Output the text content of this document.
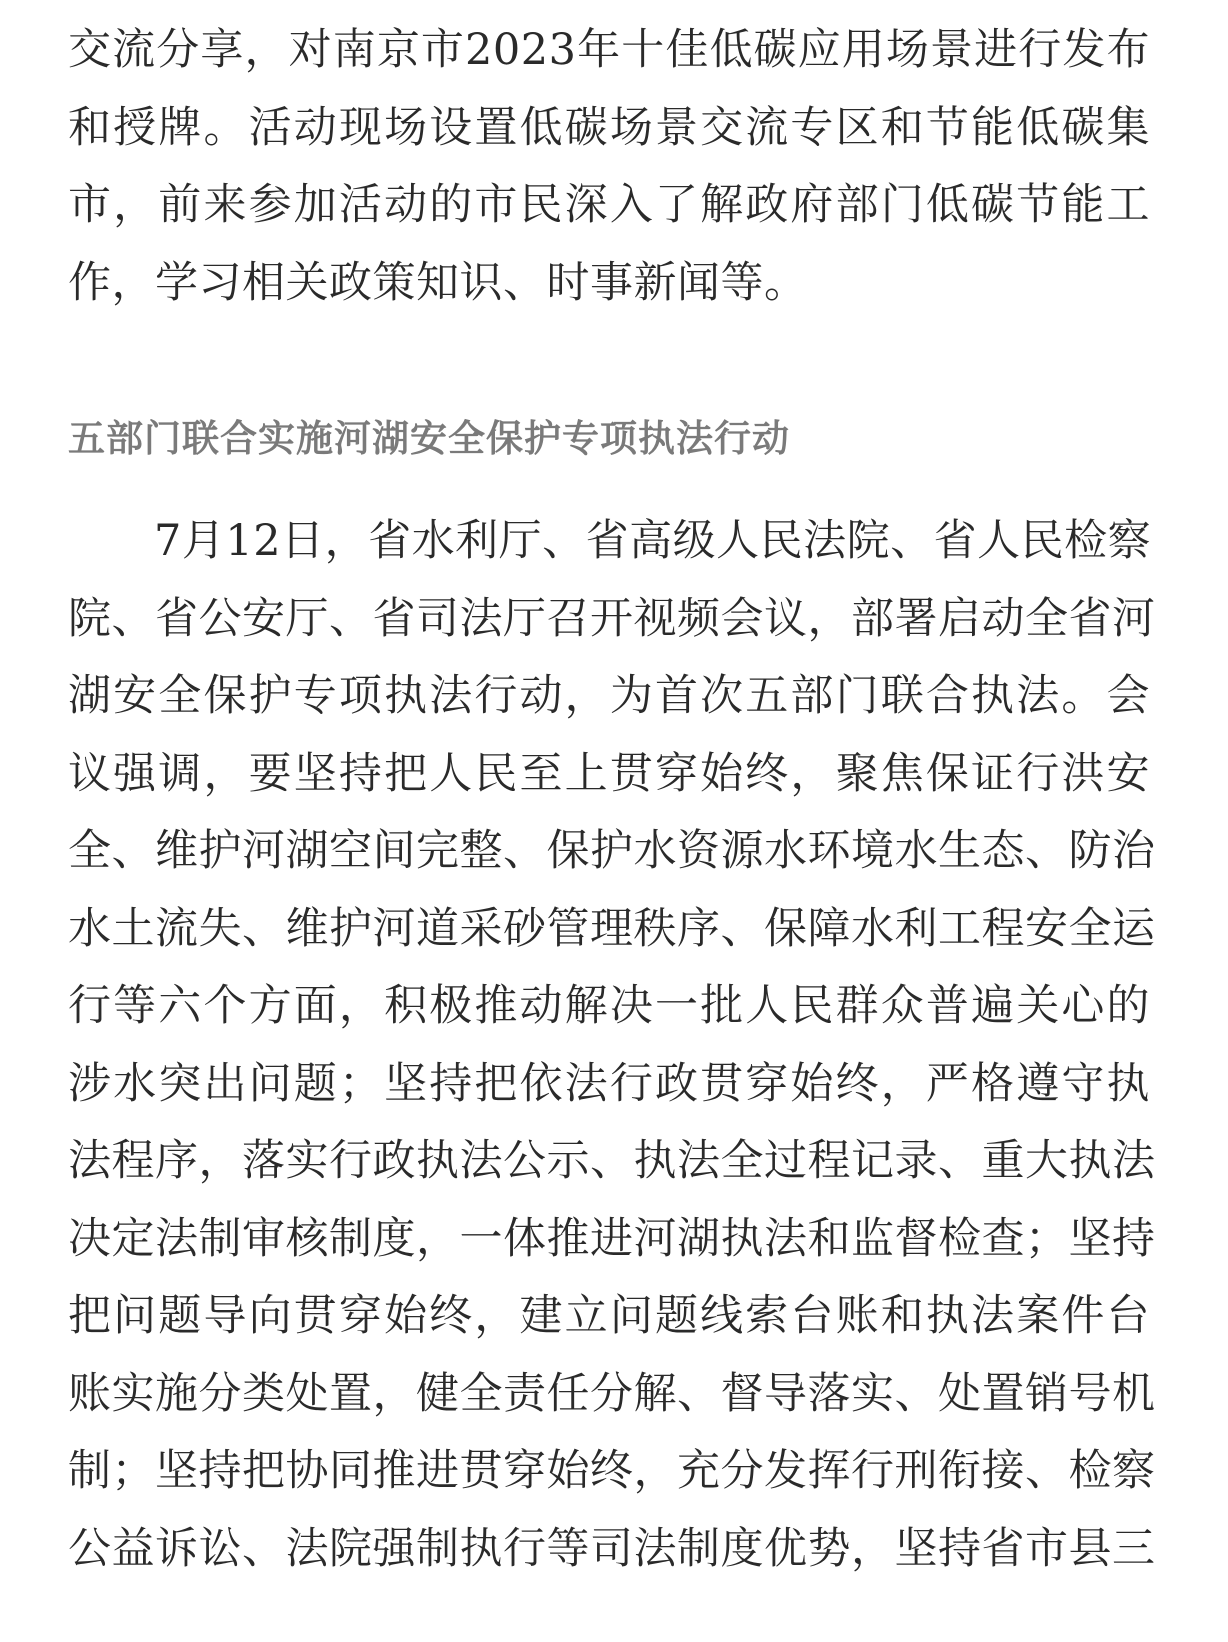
交流分享，对南京市2023年十佳低碳应用场景进行发布
和授牌。活动现场设置低碳场景交流专区和节能低碳集
市，前来参加活动的市民深入了解政府部门低碳节能工
作，学习相关政策知识、时事新闻等。
五部门联合实施河湖安全保护专项执法行动
7月12日，省水利厅、省高级人民法院、省人民检察
院、省公安厅、省司法厅召开视频会议，部署启动全省河
湖安全保护专项执法行动，为首次五部门联合执法。会
议强调，要坚持把人民至上贯穿始终，聚焦保证行洪安
全、维护河湖空间完整、保护水资源水环境水生态、防治
水土流失、维护河道采砂管理秩序、保障水利工程安全运
行等六个方面，积极推动解决一批人民群众普遍关心的
涉水突出问题；坚持把依法行政贯穿始终，严格遵守执
法程序，落实行政执法公示、执法全过程记录、重大执法
决定法制审核制度，一体推进河湖执法和监督检查；坚持
把问题导向贯穿始终，建立问题线索台账和执法案件台
账实施分类处置，健全责任分解、督导落实、处置销号机
制；坚持把协同推进贯穿始终，充分发挥行刑衔接、检察
公益诉讼、法院强制执行等司法制度优势，坚持省市县三
